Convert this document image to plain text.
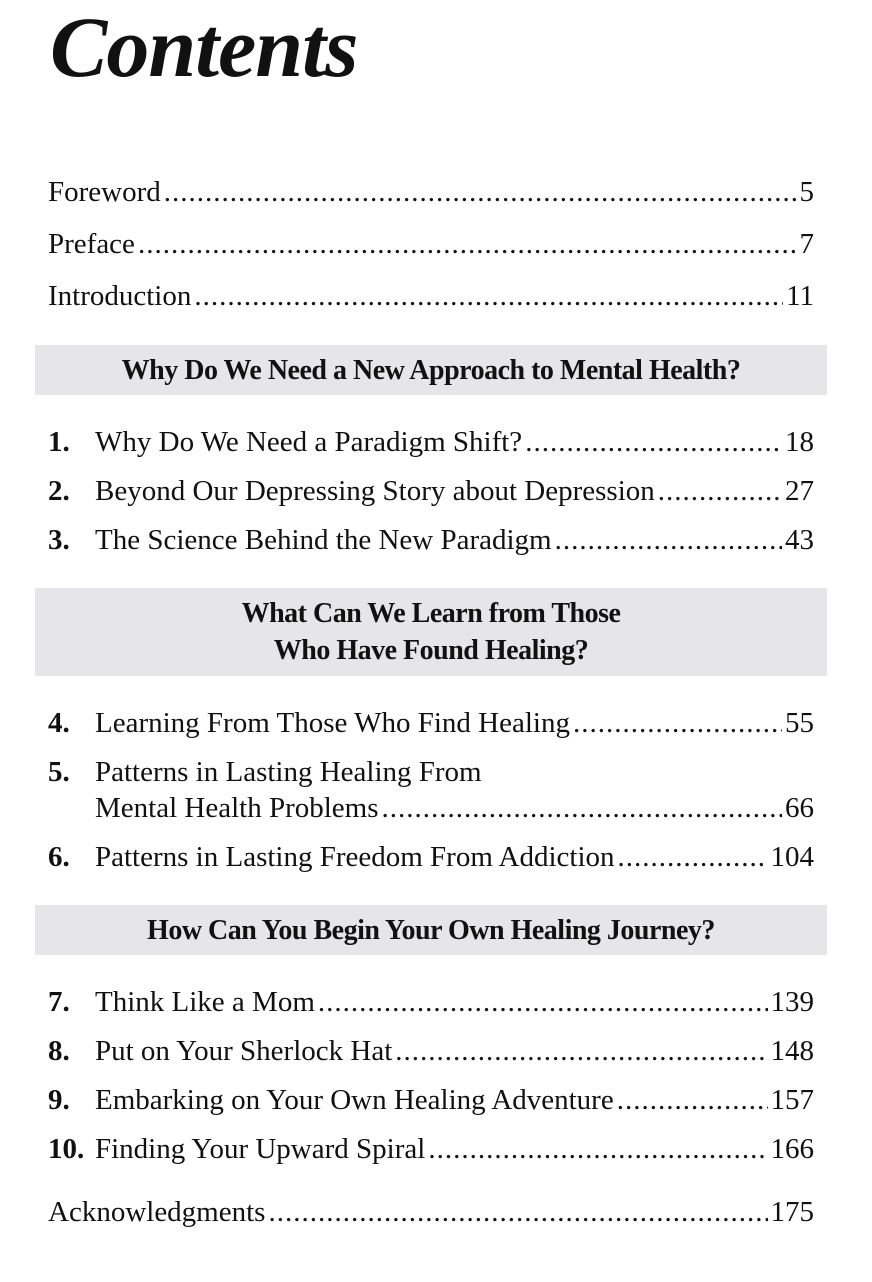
Contents
Foreword .....	5
Preface .....	7
Introduction .....	11
Why Do We Need a New Approach to Mental Health?
1. Why Do We Need a Paradigm Shift? .....	18
2. Beyond Our Depressing Story about Depression .....	27
3. The Science Behind the New Paradigm .....	43
What Can We Learn from Those
Who Have Found Healing?
4. Learning From Those Who Find Healing .....	55
5. Patterns in Lasting Healing From
Mental Health Problems .....	66
6. Patterns in Lasting Freedom From Addiction .....	104
How Can You Begin Your Own Healing Journey?
7. Think Like a Mom .....	139
8. Put on Your Sherlock Hat .....	148
9. Embarking on Your Own Healing Adventure .....	157
10. Finding Your Upward Spiral .....	166
Acknowledgments .....	175
